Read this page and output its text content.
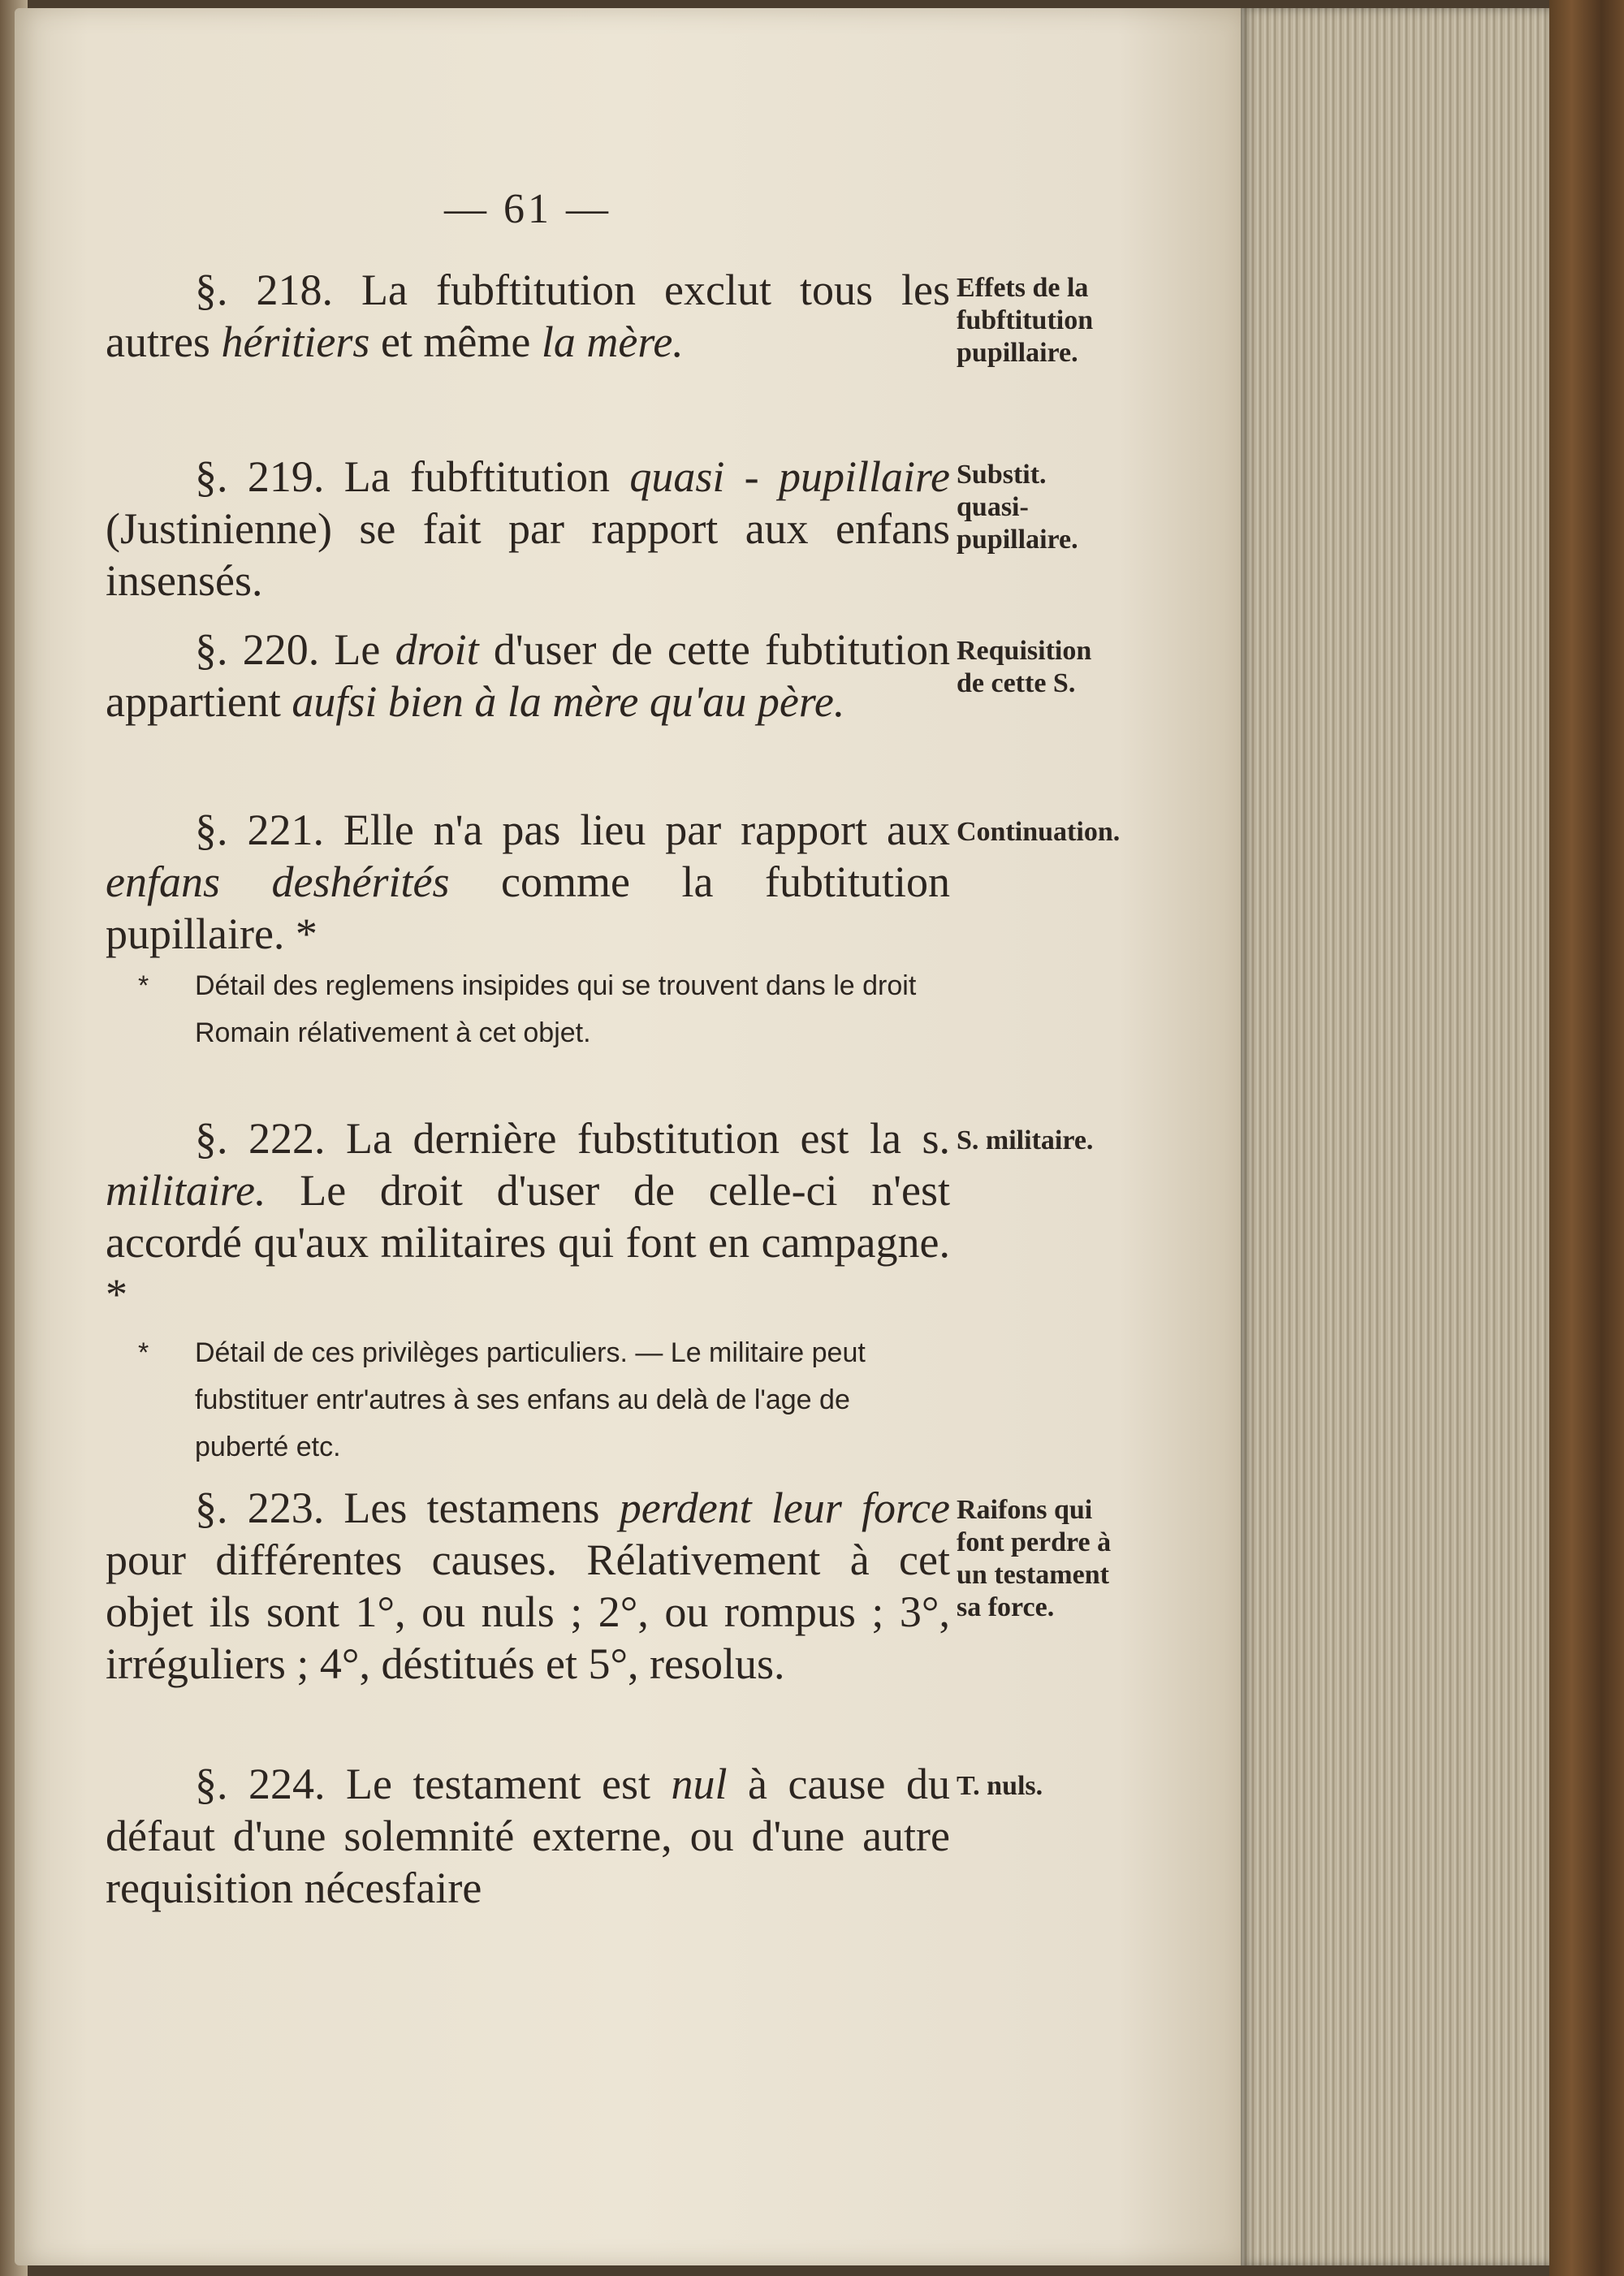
— 61 —
§. 218. La fubftitution exclut tous les autres héritiers et même la mère.
Effets de la fubftitution pupillaire.
§. 219. La fubftitution quasi - pupillaire (Justinienne) se fait par rapport aux enfans insensés.
Substit. quasi-pupillaire.
§. 220. Le droit d'user de cette fubtitution appartient aufsi bien à la mère qu'au père.
Requisition de cette S.
§. 221. Elle n'a pas lieu par rapport aux enfans deshérités comme la fubtitution pupillaire. *
Continuation.
*	Détail des reglemens insipides qui se trouvent dans le droit Romain rélativement à cet objet.
§. 222. La dernière fubstitution est la s. militaire. Le droit d'user de celle-ci n'est accordé qu'aux militaires qui font en campagne. *
S. militaire.
*	Détail de ces privilèges particuliers. — Le militaire peut fubstituer entr'autres à ses enfans au delà de l'age de puberté etc.
§. 223. Les testamens perdent leur force pour différentes causes. Rélativement à cet objet ils sont 1°, ou nuls ; 2°, ou rompus ; 3°, irréguliers ; 4°, déstitués et 5°, resolus.
Raifons qui font perdre à un testament sa force.
§. 224. Le testament est nul à cause du défaut d'une solemnité externe, ou d'une autre requisition nécesfaire
T. nuls.
